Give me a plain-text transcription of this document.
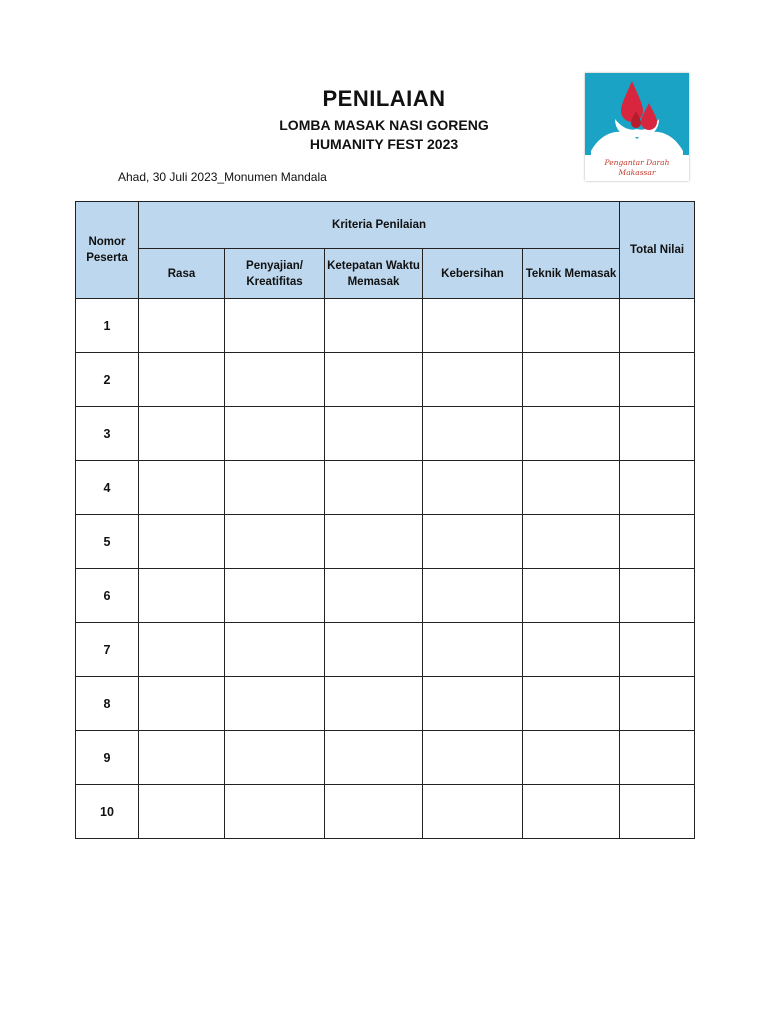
PENILAIAN
LOMBA MASAK NASI GORENG
HUMANITY FEST 2023
Ahad, 30 Juli 2023_Monumen Mandala
Pengantar Darah Makassar
Nomor Peserta	Kriteria Penilaian					Total Nilai
	Rasa	Penyajian/ Kreatifitas	Ketepatan Waktu Memasak	Kebersihan	Teknik Memasak	
1						
2						
3						
4						
5						
6						
7						
8						
9						
10						
